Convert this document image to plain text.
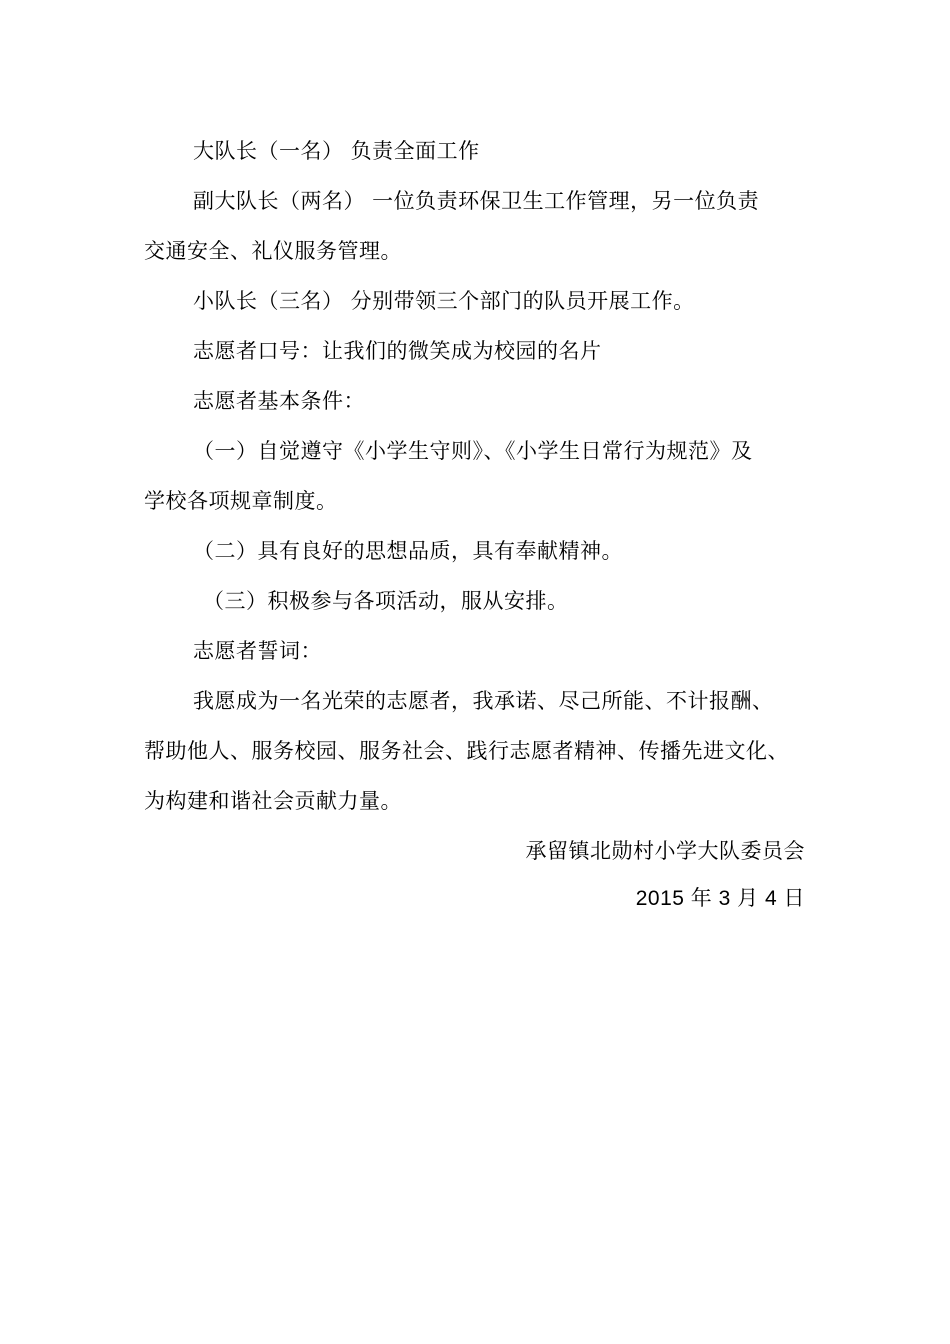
大队长（一名） 负责全面工作
副大队长（两名） 一位负责环保卫生工作管理，另一位负责
交通安全、礼仪服务管理。
小队长（三名） 分别带领三个部门的队员开展工作。
志愿者口号：让我们的微笑成为校园的名片
志愿者基本条件：
（一）自觉遵守《小学生守则》、《小学生日常行为规范》及
学校各项规章制度。
（二）具有良好的思想品质，具有奉献精神。
（三）积极参与各项活动，服从安排。
志愿者誓词：
我愿成为一名光荣的志愿者，我承诺、尽己所能、不计报酬、
帮助他人、服务校园、服务社会、践行志愿者精神、传播先进文化、
为构建和谐社会贡献力量。
承留镇北勋村小学大队委员会
2015 年 3 月 4 日
